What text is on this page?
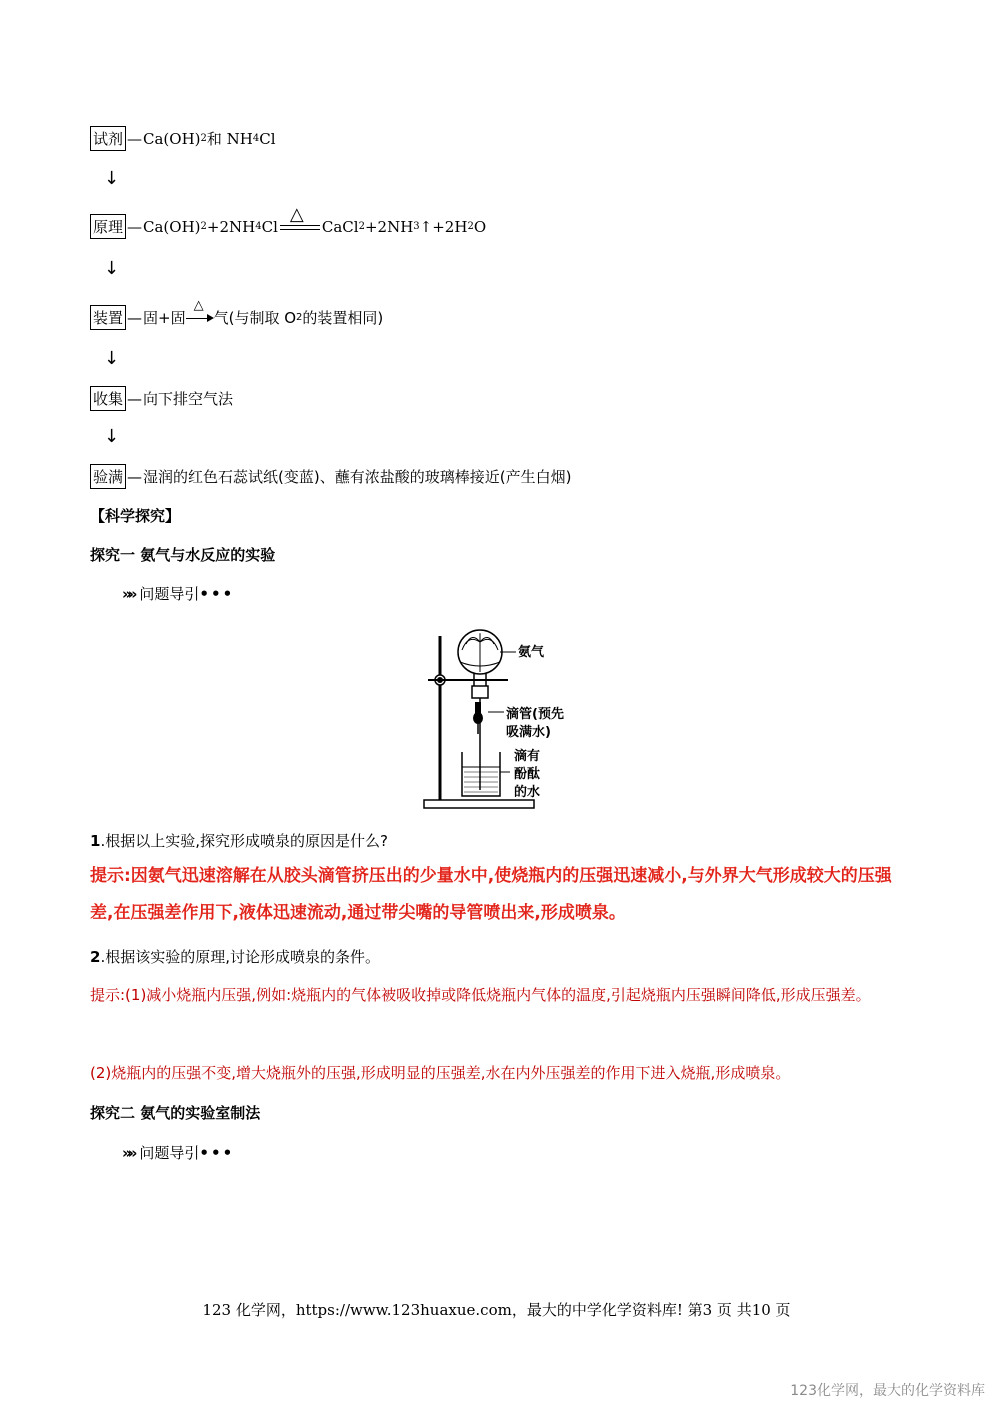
试剂 — Ca(OH) 2 和 NH 4 Cl
↓
原理 — Ca(OH) 2 +2NH 4 Cl
△
CaCl 2 +2NH 3 ↑+2H 2 O
↓
装置 — 固+固
△
气(与制取 O 2 的装置相同)
↓
收集 — 向下排空气法
↓
验满 — 湿润的红色石蕊试纸(变蓝)、蘸有浓盐酸的玻璃棒接近(产生白烟)
【科学探究】
探究一 氨气与水反应的实验
»» 问题导引•••
氨气
滴管(预先
吸满水)
滴有
酚酞
的水
1.根据以上实验,探究形成喷泉的原因是什么?
提示:因氨气迅速溶解在从胶头滴管挤压出的少量水中,使烧瓶内的压强迅速减小,与外界大气形成较大的压强差,在压强差作用下,液体迅速流动,通过带尖嘴的导管喷出来,形成喷泉。
2.根据该实验的原理,讨论形成喷泉的条件。
提示:(1)减小烧瓶内压强,例如:烧瓶内的气体被吸收掉或降低烧瓶内气体的温度,引起烧瓶内压强瞬间降低,形成压强差。
(2)烧瓶内的压强不变,增大烧瓶外的压强,形成明显的压强差,水在内外压强差的作用下进入烧瓶,形成喷泉。
探究二 氨气的实验室制法
»» 问题导引•••
123 化学网，https://www.123huaxue.com，最大的中学化学资料库! 第3 页 共10 页
123化学网，最大的化学资料库
